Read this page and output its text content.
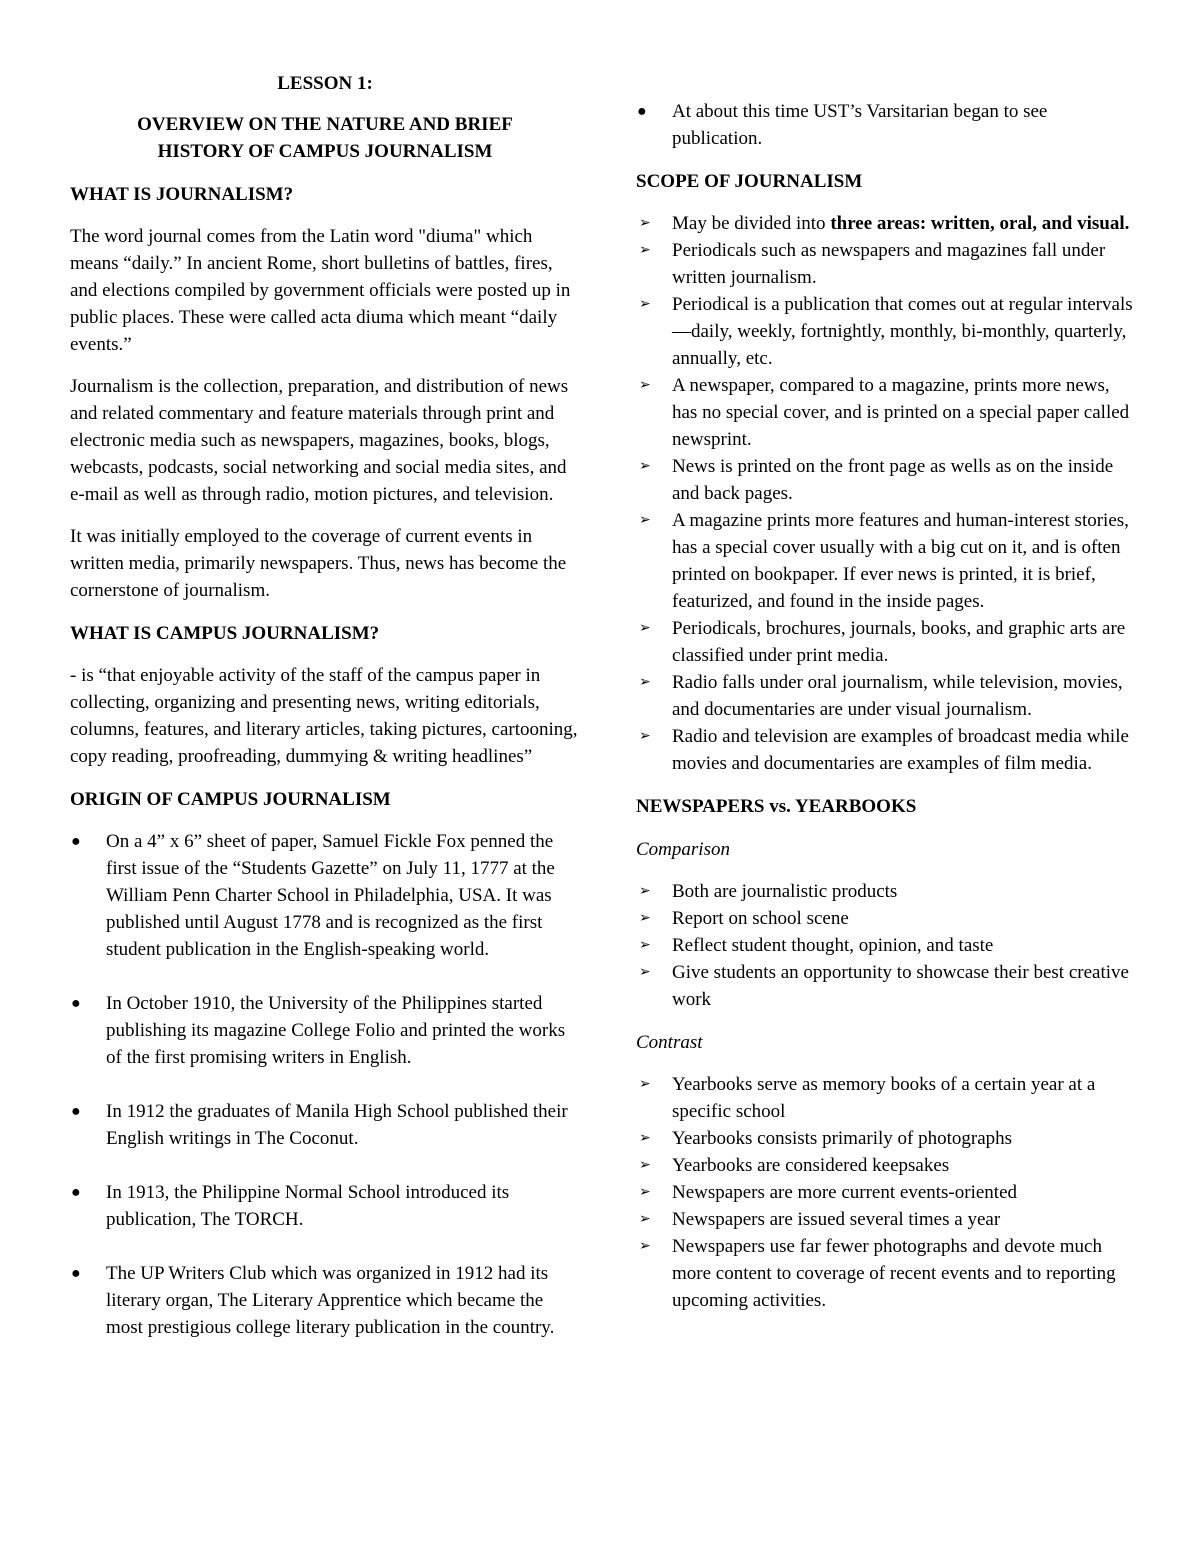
LESSON 1:
OVERVIEW ON THE NATURE AND BRIEF
HISTORY OF CAMPUS JOURNALISM
WHAT IS JOURNALISM?

The word journal comes from the Latin word "diuma" which means “daily.” In ancient Rome, short bulletins of battles, fires, and elections compiled by government officials were posted up in public places. These were called acta diuma which meant “daily events.”

Journalism is the collection, preparation, and distribution of news and related commentary and feature materials through print and electronic media such as newspapers, magazines, books, blogs, webcasts, podcasts, social networking and social media sites, and e-mail as well as through radio, motion pictures, and television.

It was initially employed to the coverage of current events in written media, primarily newspapers. Thus, news has become the cornerstone of journalism.

WHAT IS CAMPUS JOURNALISM?

- is “that enjoyable activity of the staff of the campus paper in collecting, organizing and presenting news, writing editorials, columns, features, and literary articles, taking pictures, cartooning, copy reading, proofreading, dummying & writing headlines”

ORIGIN OF CAMPUS JOURNALISM
● On a 4” x 6” sheet of paper, Samuel Fickle Fox penned the first issue of the “Students Gazette” on July 11, 1777 at the William Penn Charter School in Philadelphia, USA. It was published until August 1778 and is recognized as the first student publication in the English-speaking world.
● In October 1910, the University of the Philippines started publishing its magazine College Folio and printed the works of the first promising writers in English.
● In 1912 the graduates of Manila High School published their English writings in The Coconut.
● In 1913, the Philippine Normal School introduced its publication, The TORCH.
● The UP Writers Club which was organized in 1912 had its literary organ, The Literary Apprentice which became the most prestigious college literary publication in the country.
● At about this time UST’s Varsitarian began to see publication.
SCOPE OF JOURNALISM
➢ May be divided into three areas: written, oral, and visual.
➢ Periodicals such as newspapers and magazines fall under written journalism.
➢ Periodical is a publication that comes out at regular intervals —daily, weekly, fortnightly, monthly, bi-monthly, quarterly, annually, etc.
➢ A newspaper, compared to a magazine, prints more news, has no special cover, and is printed on a special paper called newsprint.
➢ News is printed on the front page as wells as on the inside and back pages.
➢ A magazine prints more features and human-interest stories, has a special cover usually with a big cut on it, and is often printed on bookpaper. If ever news is printed, it is brief, featurized, and found in the inside pages.
➢ Periodicals, brochures, journals, books, and graphic arts are classified under print media.
➢ Radio falls under oral journalism, while television, movies, and documentaries are under visual journalism.
➢ Radio and television are examples of broadcast media while movies and documentaries are examples of film media.
NEWSPAPERS vs. YEARBOOKS
Comparison
➢ Both are journalistic products
➢ Report on school scene
➢ Reflect student thought, opinion, and taste
➢ Give students an opportunity to showcase their best creative work
Contrast
➢ Yearbooks serve as memory books of a certain year at a specific school
➢ Yearbooks consists primarily of photographs
➢ Yearbooks are considered keepsakes
➢ Newspapers are more current events-oriented
➢ Newspapers are issued several times a year
➢ Newspapers use far fewer photographs and devote much more content to coverage of recent events and to reporting upcoming activities.
